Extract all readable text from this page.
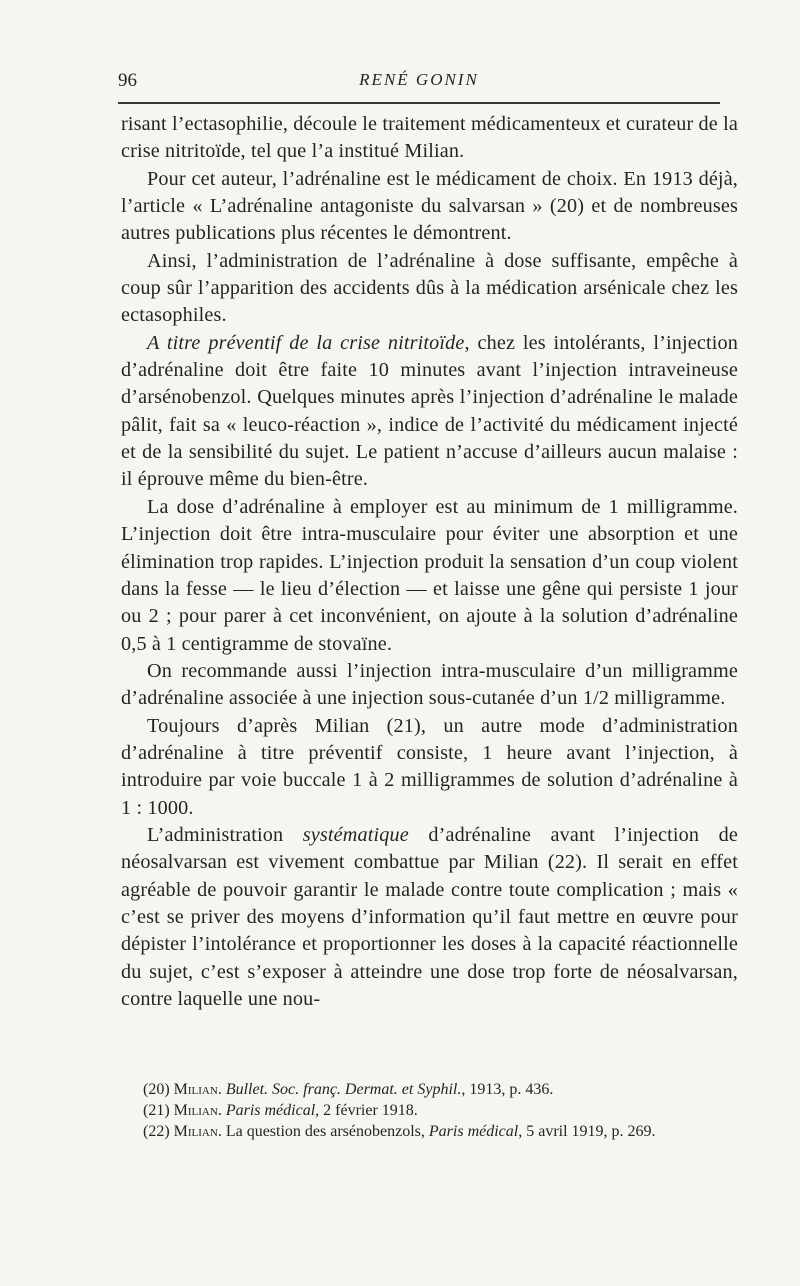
96	RENÉ GONIN

risant l’ectasophilie, découle le traitement médicamenteux et curateur de la crise nitritoïde, tel que l’a institué Milian.

Pour cet auteur, l’adrénaline est le médicament de choix. En 1913 déjà, l’article « L’adrénaline antagoniste du salvarsan » (20) et de nombreuses autres publications plus récentes le démontrent.

Ainsi, l’administration de l’adrénaline à dose suffisante, empêche à coup sûr l’apparition des accidents dûs à la médication arsénicale chez les ectasophiles.

A titre préventif de la crise nitritoïde, chez les intolérants, l’injection d’adrénaline doit être faite 10 minutes avant l’injection intraveineuse d’arsénobenzol. Quelques minutes après l’injection d’adrénaline le malade pâlit, fait sa « leuco-réaction », indice de l’activité du médicament injecté et de la sensibilité du sujet. Le patient n’accuse d’ailleurs aucun malaise : il éprouve même du bien-être.

La dose d’adrénaline à employer est au minimum de 1 milligramme. L’injection doit être intra-musculaire pour éviter une absorption et une élimination trop rapides. L’injection produit la sensation d’un coup violent dans la fesse — le lieu d’élection — et laisse une gêne qui persiste 1 jour ou 2 ; pour parer à cet inconvénient, on ajoute à la solution d’adrénaline 0,5 à 1 centigramme de stovaïne.

On recommande aussi l’injection intra-musculaire d’un milligramme d’adrénaline associée à une injection sous-cutanée d’un 1/2 milligramme.

Toujours d’après Milian (21), un autre mode d’administration d’adrénaline à titre préventif consiste, 1 heure avant l’injection, à introduire par voie buccale 1 à 2 milligrammes de solution d’adrénaline à 1 : 1000.

L’administration systématique d’adrénaline avant l’injection de néosalvarsan est vivement combattue par Milian (22). Il serait en effet agréable de pouvoir garantir le malade contre toute complication ; mais « c’est se priver des moyens d’information qu’il faut mettre en œuvre pour dépister l’intolérance et proportionner les doses à la capacité réactionnelle du sujet, c’est s’exposer à atteindre une dose trop forte de néosalvarsan, contre laquelle une nou-

(20) Milian. Bullet. Soc. franç. Dermat. et Syphil., 1913, p. 436.

(21) Milian. Paris médical, 2 février 1918.

(22) Milian. La question des arsénobenzols, Paris médical, 5 avril 1919, p. 269.
